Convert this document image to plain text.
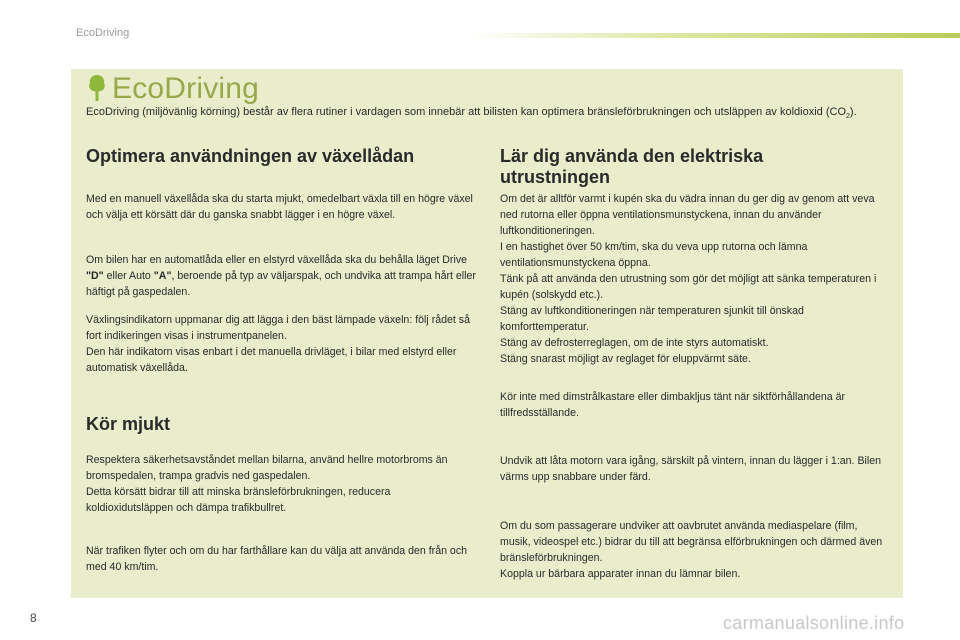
EcoDriving
EcoDriving
EcoDriving (miljövänlig körning) består av flera rutiner i vardagen som innebär att bilisten kan optimera bränsleförbrukningen och utsläppen av koldioxid $(CO_2)$.
Optimera användningen av växellådan
Med en manuell växellåda ska du starta mjukt, omedelbart växla till en högre växel och välja ett körsätt där du ganska snabbt lägger i en högre växel.
Om bilen har en automatlåda eller en elstyrd växellåda ska du behålla läget Drive "D" eller Auto "A", beroende på typ av väljarspak, och undvika att trampa hårt eller häftigt på gaspedalen.
Växlingsindikatorn uppmanar dig att lägga i den bäst lämpade växeln: följ rådet så fort indikeringen visas i instrumentpanelen.
Den här indikatorn visas enbart i det manuella drivläget, i bilar med elstyrd eller automatisk växellåda.
Kör mjukt
Respektera säkerhetsavståndet mellan bilarna, använd hellre motorbroms än bromspedalen, trampa gradvis ned gaspedalen.
Detta körsätt bidrar till att minska bränsleförbrukningen, reducera koldioxidutsläppen och dämpa trafikbullret.
När trafiken flyter och om du har farthållare kan du välja att använda den från och med 40 km/tim.
Lär dig använda den elektriska utrustningen
Om det är alltför varmt i kupén ska du vädra innan du ger dig av genom att veva ned rutorna eller öppna ventilationsmunstyckena, innan du använder luftkonditioneringen.
I en hastighet över 50 km/tim, ska du veva upp rutorna och lämna ventilationsmunstyckena öppna.
Tänk på att använda den utrustning som gör det möjligt att sänka temperaturen i kupén (solskydd etc.).
Stäng av luftkonditioneringen när temperaturen sjunkit till önskad komforttemperatur.
Stäng av defrosterreglagen, om de inte styrs automatiskt.
Stäng snarast möjligt av reglaget för eluppvärmt säte.
Kör inte med dimstrålkastare eller dimbakljus tänt när siktförhållandena är tillfredsställande.
Undvik att låta motorn vara igång, särskilt på vintern, innan du lägger i 1:an. Bilen värms upp snabbare under färd.
Om du som passagerare undviker att oavbrutet använda mediaspelare (film, musik, videospel etc.) bidrar du till att begränsa elförbrukningen och därmed även bränsleförbrukningen.
Koppla ur bärbara apparater innan du lämnar bilen.
8	carmanualsonline.info
